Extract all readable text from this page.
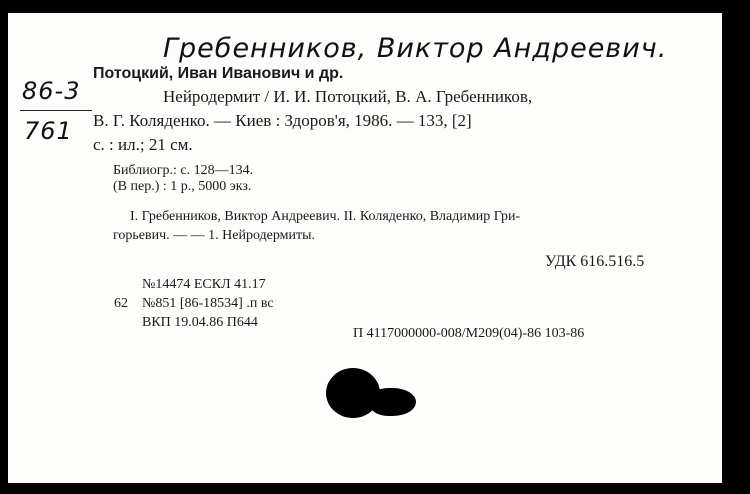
Гребенников, Виктор Андреевич.
86-3
761
Потоцкий, Иван Иванович и др.
Нейродермит / И. И. Потоцкий, В. А. Гребенников,
В. Г. Коляденко. — Киев : Здоров'я, 1986. — 133, [2]
с. : ил.; 21 см.
Библиогр.: с. 128—134.
(В пер.) : 1 р., 5000 экз.
I. Гребенников, Виктор Андреевич. II. Коляденко, Владимир Гри-
горьевич. — — 1. Нейродермиты.
УДК 616.516.5
№14474 ЕСКЛ 41.17
62 №851 [86-18534] .п вс
ВКП 19.04.86 П644
П 4117000000-008/М209(04)-86 103-86
